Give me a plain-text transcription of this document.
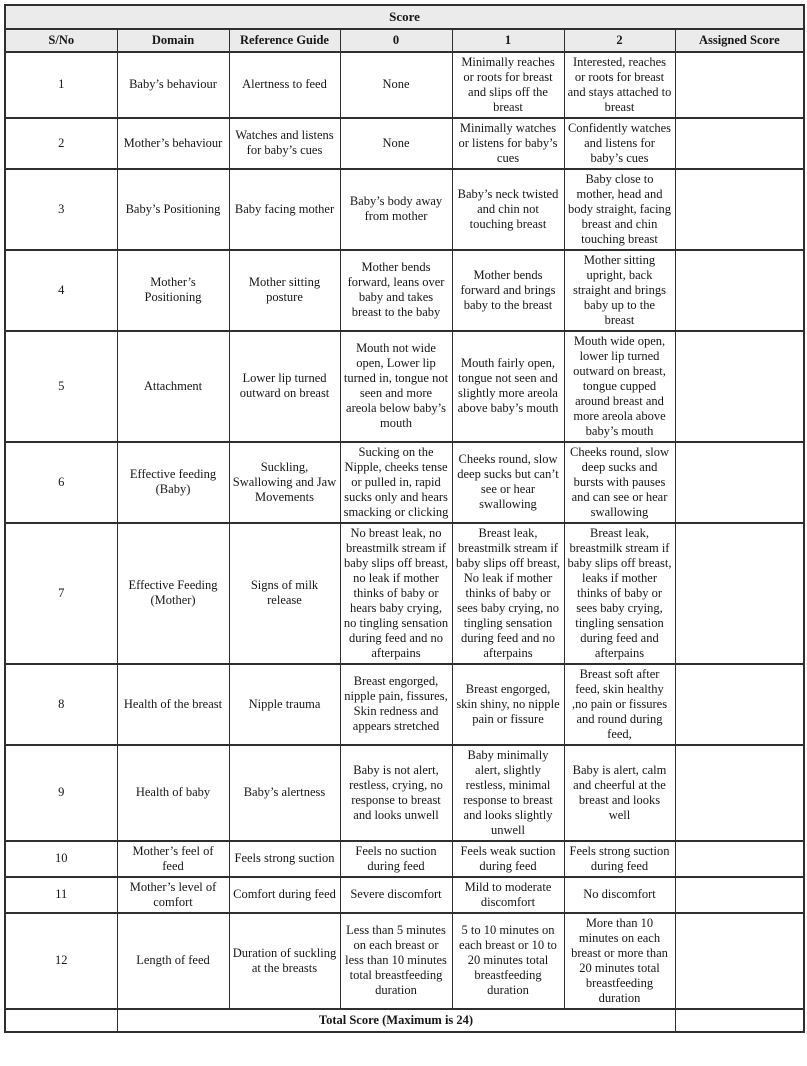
Score						
S/No	Domain	Reference Guide	0	1	2	Assigned Score
1	Baby’s behaviour	Alertness to feed	None	Minimally reaches or roots for breast and slips off the breast	Interested, reaches or roots for breast and stays attached to breast	
2	Mother’s behaviour	Watches and listens for baby’s cues	None	Minimally watches or listens for baby’s cues	Confidently watches and listens for baby’s cues	
3	Baby’s Positioning	Baby facing mother	Baby’s body away from mother	Baby’s neck twisted and chin not touching breast	Baby close to mother, head and body straight, facing breast and chin touching breast	
4	Mother’s Positioning	Mother sitting posture	Mother bends forward, leans over baby and takes breast to the baby	Mother bends forward and brings baby to the breast	Mother sitting upright, back straight and brings baby up to the breast	
5	Attachment	Lower lip turned outward on breast	Mouth not wide open, Lower lip turned in, tongue not seen and more areola below baby’s mouth	Mouth fairly open, tongue not seen and slightly more areola above baby’s mouth	Mouth wide open, lower lip turned outward on breast, tongue cupped around breast and more areola above baby’s mouth	
6	Effective feeding (Baby)	Suckling, Swallowing and Jaw Movements	Sucking on the Nipple, cheeks tense or pulled in, rapid sucks only and hears smacking or clicking	Cheeks round, slow deep sucks but can’t see or hear swallowing	Cheeks round, slow deep sucks and bursts with pauses and can see or hear swallowing	
7	Effective Feeding (Mother)	Signs of milk release	No breast leak, no breastmilk stream if baby slips off breast, no leak if mother thinks of baby or hears baby crying, no tingling sensation during feed and no afterpains	Breast leak, breastmilk stream if baby slips off breast, No leak if mother thinks of baby or sees baby crying, no tingling sensation during feed and no afterpains	Breast leak, breastmilk stream if baby slips off breast, leaks if mother thinks of baby or sees baby crying, tingling sensation during feed and afterpains	
8	Health of the breast	Nipple trauma	Breast engorged, nipple pain, fissures, Skin redness and appears stretched	Breast engorged, skin shiny, no nipple pain or fissure	Breast soft after feed, skin healthy ,no pain or fissures and round during feed,	
9	Health of baby	Baby’s alertness	Baby is not alert, restless, crying, no response to breast and looks unwell	Baby minimally alert, slightly restless, minimal response to breast and looks slightly unwell	Baby is alert, calm and cheerful at the breast and looks well	
10	Mother’s feel of feed	Feels strong suction	Feels no suction during feed	Feels weak suction during feed	Feels strong suction during feed	
11	Mother’s level of comfort	Comfort during feed	Severe discomfort	Mild to moderate discomfort	No discomfort	
12	Length of feed	Duration of suckling at the breasts	Less than 5 minutes on each breast or less than 10 minutes total breastfeeding duration	5 to 10 minutes on each breast or 10 to 20 minutes total breastfeeding duration	More than 10 minutes on each breast or more than 20 minutes total breastfeeding duration	
	Total Score (Maximum is 24)					
